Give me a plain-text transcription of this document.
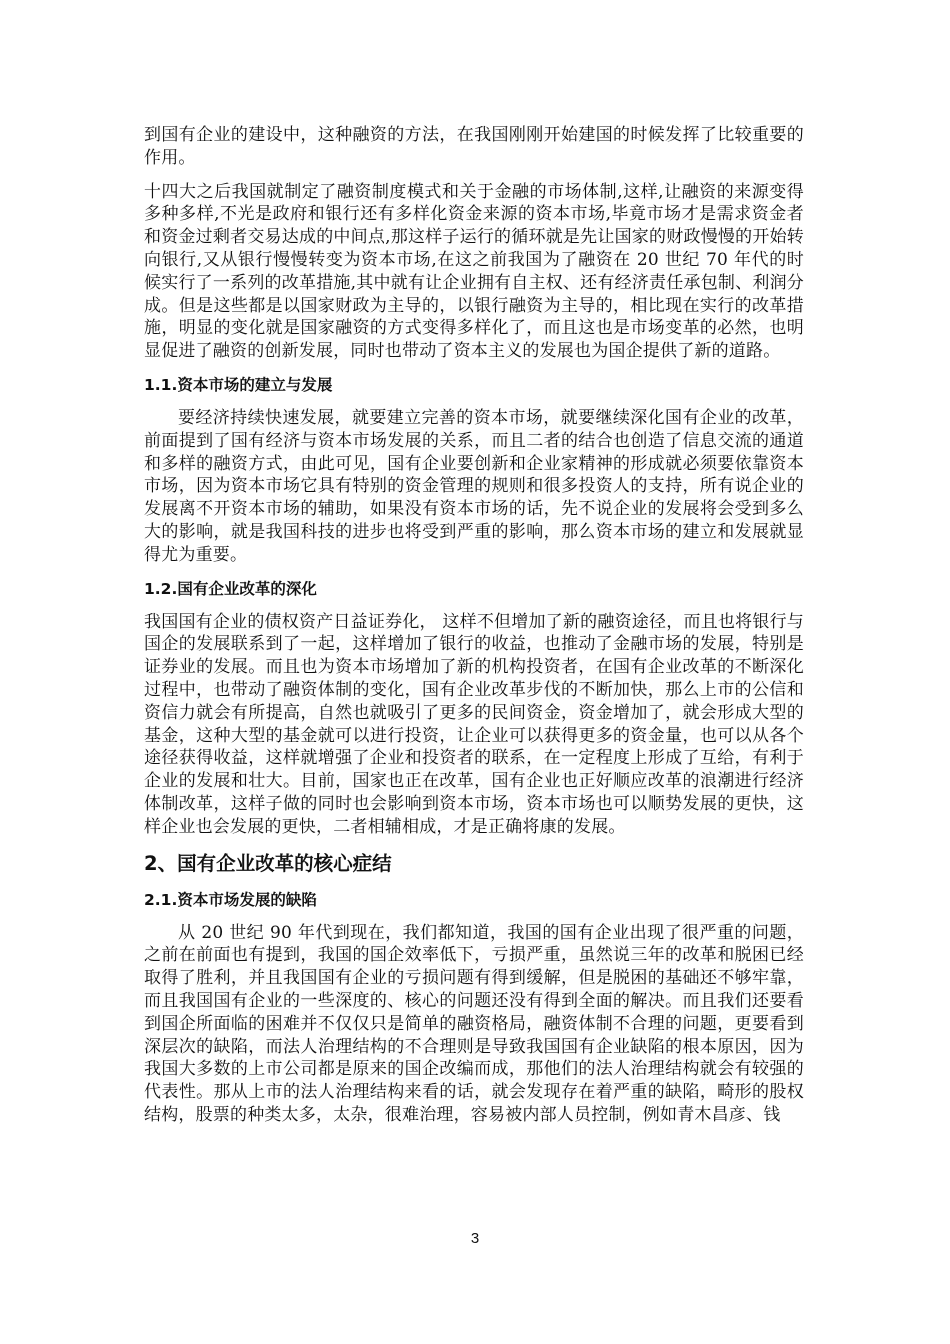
到国有企业的建设中，这种融资的方法，在我国刚刚开始建国的时候发挥了比较重要的作用。

十四大之后我国就制定了融资制度模式和关于金融的市场体制,这样,让融资的来源变得多种多样,不光是政府和银行还有多样化资金来源的资本市场,毕竟市场才是需求资金者和资金过剩者交易达成的中间点,那这样子运行的循环就是先让国家的财政慢慢的开始转向银行,又从银行慢慢转变为资本市场,在这之前我国为了融资在 20 世纪 70 年代的时候实行了一系列的改革措施,其中就有让企业拥有自主权、还有经济责任承包制、利润分成。但是这些都是以国家财政为主导的，以银行融资为主导的，相比现在实行的改革措施，明显的变化就是国家融资的方式变得多样化了，而且这也是市场变革的必然，也明显促进了融资的创新发展，同时也带动了资本主义的发展也为国企提供了新的道路。

1.1.资本市场的建立与发展

要经济持续快速发展，就要建立完善的资本市场，就要继续深化国有企业的改革，前面提到了国有经济与资本市场发展的关系，而且二者的结合也创造了信息交流的通道和多样的融资方式，由此可见，国有企业要创新和企业家精神的形成就必须要依靠资本市场，因为资本市场它具有特别的资金管理的规则和很多投资人的支持，所有说企业的发展离不开资本市场的辅助，如果没有资本市场的话，先不说企业的发展将会受到多么大的影响，就是我国科技的进步也将受到严重的影响，那么资本市场的建立和发展就显得尤为重要。

1.2.国有企业改革的深化

我国国有企业的债权资产日益证券化， 这样不但增加了新的融资途径，而且也将银行与国企的发展联系到了一起，这样增加了银行的收益，也推动了金融市场的发展，特别是证券业的发展。而且也为资本市场增加了新的机构投资者，在国有企业改革的不断深化过程中，也带动了融资体制的变化，国有企业改革步伐的不断加快，那么上市的公信和资信力就会有所提高，自然也就吸引了更多的民间资金，资金增加了，就会形成大型的基金，这种大型的基金就可以进行投资，让企业可以获得更多的资金量，也可以从各个途径获得收益，这样就增强了企业和投资者的联系，在一定程度上形成了互给，有利于企业的发展和壮大。目前，国家也正在改革，国有企业也正好顺应改革的浪潮进行经济体制改革，这样子做的同时也会影响到资本市场，资本市场也可以顺势发展的更快，这样企业也会发展的更快，二者相辅相成，才是正确将康的发展。

2、国有企业改革的核心症结
2.1.资本市场发展的缺陷

从 20 世纪 90 年代到现在，我们都知道，我国的国有企业出现了很严重的问题，之前在前面也有提到，我国的国企效率低下，亏损严重，虽然说三年的改革和脱困已经取得了胜利，并且我国国有企业的亏损问题有得到缓解，但是脱困的基础还不够牢靠，而且我国国有企业的一些深度的、核心的问题还没有得到全面的解决。而且我们还要看到国企所面临的困难并不仅仅只是简单的融资格局，融资体制不合理的问题，更要看到深层次的缺陷，而法人治理结构的不合理则是导致我国国有企业缺陷的根本原因，因为我国大多数的上市公司都是原来的国企改编而成，那他们的法人治理结构就会有较强的代表性。那从上市的法人治理结构来看的话，就会发现存在着严重的缺陷，畸形的股权结构，股票的种类太多，太杂，很难治理，容易被内部人员控制，例如青木昌彦、钱

3
